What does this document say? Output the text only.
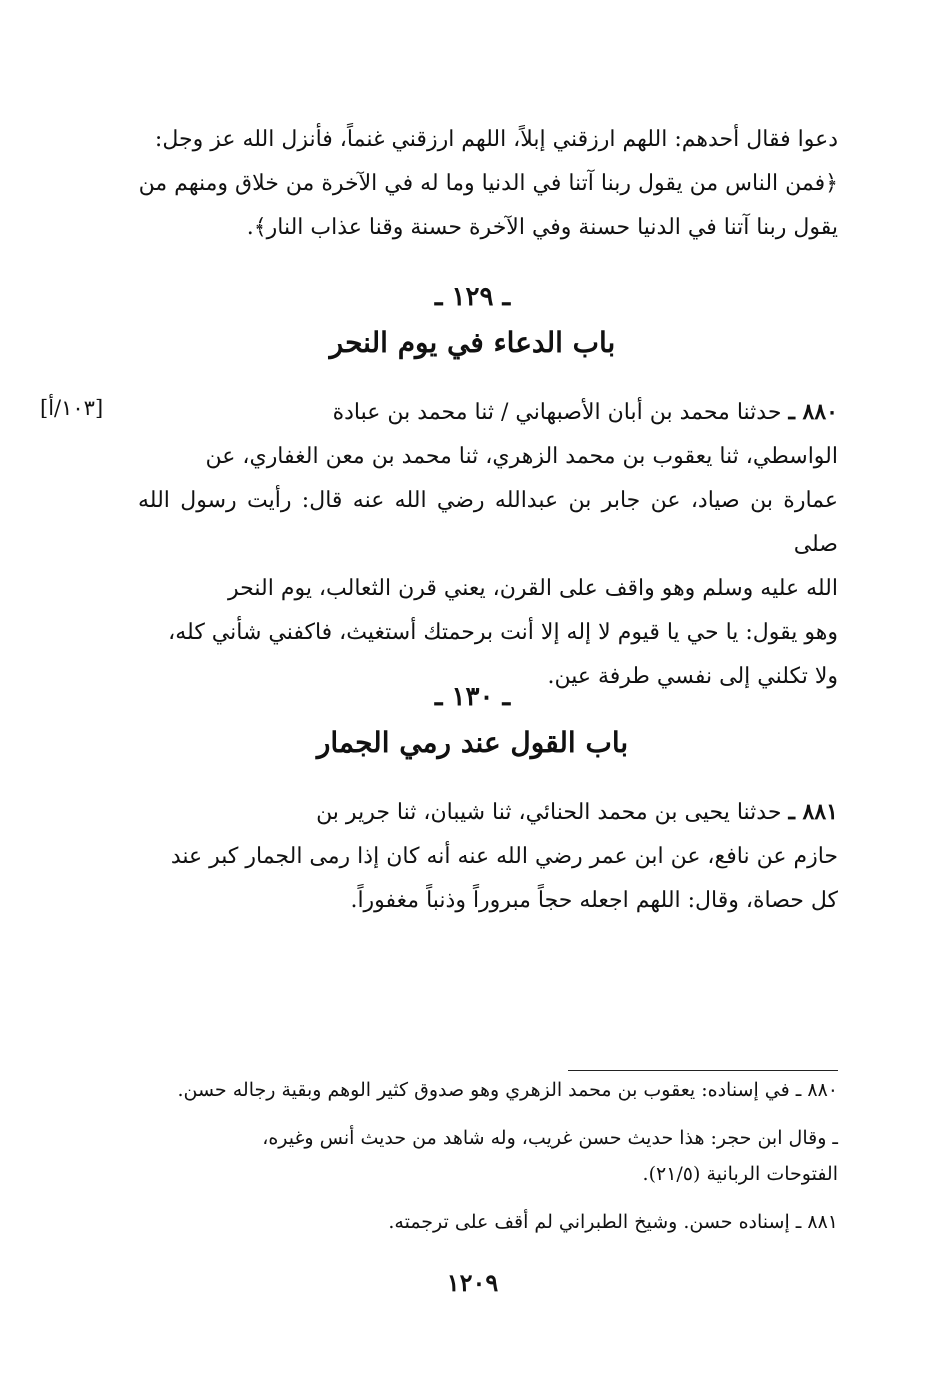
دعوا فقال أحدهم: اللهم ارزقني إبلاً، اللهم ارزقني غنماً، فأنزل الله عز وجل:

﴿فمن الناس من يقول ربنا آتنا في الدنيا وما له في الآخرة من خلاق ومنهم من

يقول ربنا آتنا في الدنيا حسنة وفي الآخرة حسنة وقنا عذاب النار﴾.

ـ ١٢٩ ـ
باب الدعاء في يوم النحر
[١٠٣/أ]	٨٨٠ ـ حدثنا محمد بن أبان الأصبهاني / ثنا محمد بن عبادة

الواسطي، ثنا يعقوب بن محمد الزهري، ثنا محمد بن معن الغفاري، عن

عمارة بن صياد، عن جابر بن عبدالله رضي الله عنه قال: رأيت رسول الله صلى

الله عليه وسلم وهو واقف على القرن، يعني قرن الثعالب، يوم النحر

وهو يقول: يا حي يا قيوم لا إله إلا أنت برحمتك أستغيث، فاكفني شأني كله،

ولا تكلني إلى نفسي طرفة عين.

ـ ١٣٠ ـ
باب القول عند رمي الجمار

٨٨١ ـ حدثنا يحيى بن محمد الحنائي، ثنا شيبان، ثنا جرير بن

حازم عن نافع، عن ابن عمر رضي الله عنه أنه كان إذا رمى الجمار كبر عند

كل حصاة، وقال: اللهم اجعله حجاً مبروراً وذنباً مغفوراً.

٨٨٠ ـ في إسناده: يعقوب بن محمد الزهري وهو صدوق كثير الوهم وبقية رجاله حسن.

ـ وقال ابن حجر: هذا حديث حسن غريب، وله شاهد من حديث أنس وغيره،

الفتوحات الربانية (٢١/٥).

٨٨١ ـ إسناده حسن. وشيخ الطبراني لم أقف على ترجمته.

١٢٠٩
